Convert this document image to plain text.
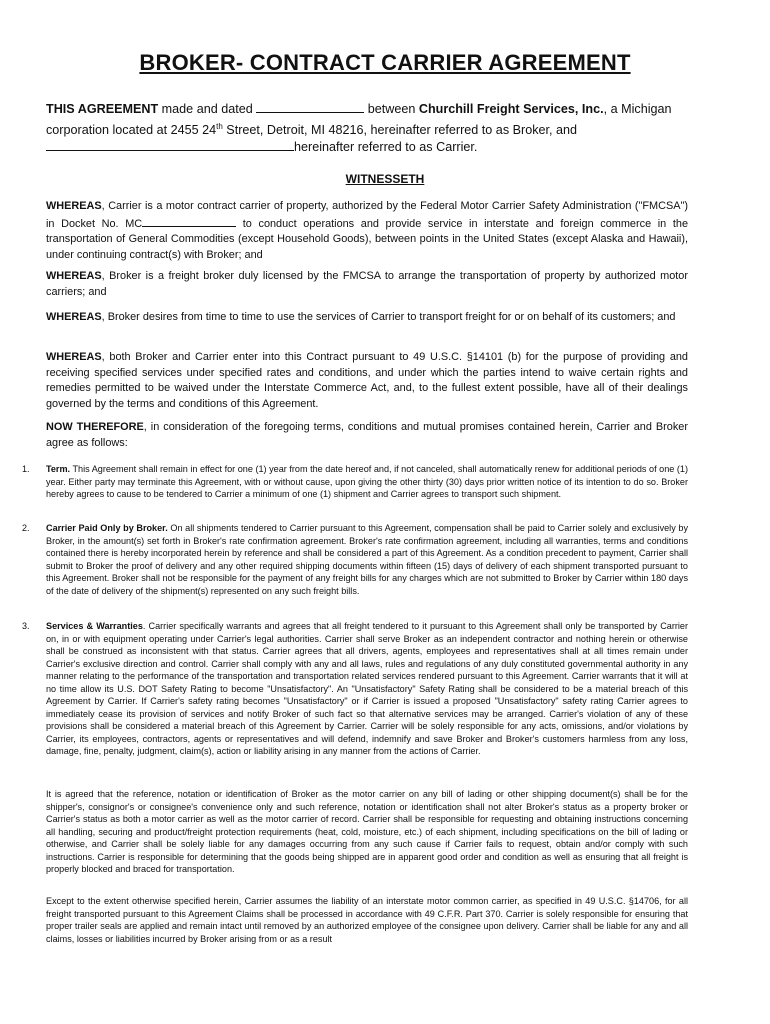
BROKER- CONTRACT CARRIER AGREEMENT
THIS AGREEMENT made and dated	between Churchill Freight Services, Inc., a Michigan corporation located at 2455 24th Street, Detroit, MI 48216, hereinafter referred to as Broker, and
hereinafter referred to as Carrier.
WITNESSETH
WHEREAS, Carrier is a motor contract carrier of property, authorized by the Federal Motor Carrier Safety Administration ("FMCSA") in Docket No. MC	to conduct operations and provide service in interstate and foreign commerce in the transportation of General Commodities (except Household Goods), between points in the United States (except Alaska and Hawaii), under continuing contract(s) with Broker; and
WHEREAS, Broker is a freight broker duly licensed by the FMCSA to arrange the transportation of property by authorized motor carriers; and
WHEREAS, Broker desires from time to time to use the services of Carrier to transport freight for or on behalf of its customers; and
WHEREAS, both Broker and Carrier enter into this Contract pursuant to 49 U.S.C. §14101 (b) for the purpose of providing and receiving specified services under specified rates and conditions, and under which the parties intend to waive certain rights and remedies permitted to be waived under the Interstate Commerce Act, and, to the fullest extent possible, have all of their dealings governed by the terms and conditions of this Agreement.
NOW THEREFORE, in consideration of the foregoing terms, conditions and mutual promises contained herein, Carrier and Broker agree as follows:
1. Term. This Agreement shall remain in effect for one (1) year from the date hereof and, if not canceled, shall automatically renew for additional periods of one (1) year. Either party may terminate this Agreement, with or without cause, upon giving the other thirty (30) days prior written notice of its intention to do so. Broker hereby agrees to cause to be tendered to Carrier a minimum of one (1) shipment and Carrier agrees to transport such shipment.
2. Carrier Paid Only by Broker. On all shipments tendered to Carrier pursuant to this Agreement, compensation shall be paid to Carrier solely and exclusively by Broker, in the amount(s) set forth in Broker's rate confirmation agreement. Broker's rate confirmation agreement, including all warranties, terms and conditions contained there is hereby incorporated herein by reference and shall be considered a part of this Agreement. As a condition precedent to payment, Carrier shall submit to Broker the proof of delivery and any other required shipping documents within fifteen (15) days of delivery of each shipment transported pursuant to this Agreement. Broker shall not be responsible for the payment of any freight bills for any charges which are not submitted to Broker by Carrier within 180 days of the date of delivery of the shipment(s) represented on any such freight bills.
3. Services & Warranties. Carrier specifically warrants and agrees that all freight tendered to it pursuant to this Agreement shall only be transported by Carrier on, in or with equipment operating under Carrier's legal authorities. Carrier shall serve Broker as an independent contractor and nothing herein or otherwise shall be construed as inconsistent with that status. Carrier agrees that all drivers, agents, employees and representatives shall at all times remain under Carrier's exclusive direction and control. Carrier shall comply with any and all laws, rules and regulations of any duly constituted governmental authority in any manner relating to the performance of the transportation and transportation related services rendered pursuant to this Agreement. Carrier warrants that it will at no time allow its U.S. DOT Safety Rating to become "Unsatisfactory". An "Unsatisfactory" Safety Rating shall be considered to be a material breach of this Agreement by Carrier. If Carrier's safety rating becomes "Unsatisfactory" or if Carrier is issued a proposed "Unsatisfactory" safety rating Carrier agrees to immediately cease its provision of services and notify Broker of such fact so that alternative services may be arranged. Carrier's violation of any of these provisions shall be considered a material breach of this Agreement by Carrier. Carrier will be solely responsible for any acts, omissions, and/or violations by Carrier, its employees, contractors, agents or representatives and will defend, indemnify and save Broker and Broker's customers harmless from any loss, damage, fine, penalty, judgment, claim(s), action or liability arising in any manner from the actions of Carrier.
It is agreed that the reference, notation or identification of Broker as the motor carrier on any bill of lading or other shipping document(s) shall be for the shipper's, consignor's or consignee's convenience only and such reference, notation or identification shall not alter Broker's status as a property broker or Carrier's status as both a motor carrier as well as the motor carrier of record. Carrier shall be responsible for requesting and obtaining instructions concerning all handling, securing and product/freight protection requirements (heat, cold, moisture, etc.) of each shipment, including specifications on the bill of lading or otherwise, and Carrier shall be solely liable for any damages occurring from any such cause if Carrier fails to request, obtain and/or comply with such instructions. Carrier is responsible for determining that the goods being shipped are in apparent good order and condition as well as ensuring that all freight is properly blocked and braced for transportation.
Except to the extent otherwise specified herein, Carrier assumes the liability of an interstate motor common carrier, as specified in 49 U.S.C. §14706, for all freight transported pursuant to this Agreement Claims shall be processed in accordance with 49 C.F.R. Part 370. Carrier is solely responsible for ensuring that proper trailer seals are applied and remain intact until removed by an authorized employee of the consignee upon delivery. Carrier shall be liable for any and all claims, losses or liabilities incurred by Broker arising from or as a result
